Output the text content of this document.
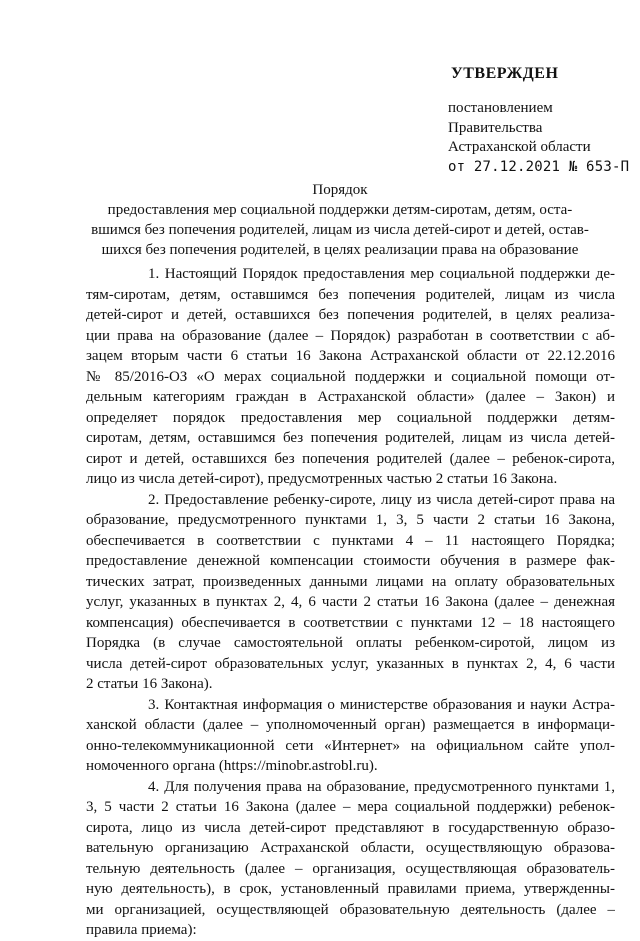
УТВЕРЖДЕН
постановлением
Правительства
Астраханской области
от 27.12.2021 № 653-П
Порядок
предоставления мер социальной поддержки детям-сиротам, детям, оста-
вшимся без попечения родителей, лицам из числа детей-сирот и детей, остав-
шихся без попечения родителей, в целях реализации права на образование
1. Настоящий Порядок предоставления мер социальной поддержки де-
тям-сиротам, детям, оставшимся без попечения родителей, лицам из числа
детей-сирот и детей, оставшихся без попечения родителей, в целях реализа-
ции права на образование (далее – Порядок) разработан в соответствии с аб-
зацем вторым части 6 статьи 16 Закона Астраханской области от 22.12.2016
№ 85/2016-ОЗ «О мерах социальной поддержки и социальной помощи от-
дельным категориям граждан в Астраханской области» (далее – Закон) и
определяет порядок предоставления мер социальной поддержки детям-
сиротам, детям, оставшимся без попечения родителей, лицам из числа детей-
сирот и детей, оставшихся без попечения родителей (далее – ребенок-сирота,
лицо из числа детей-сирот), предусмотренных частью 2 статьи 16 Закона.
2. Предоставление ребенку-сироте, лицу из числа детей-сирот права на
образование, предусмотренного пунктами 1, 3, 5 части 2 статьи 16 Закона,
обеспечивается в соответствии с пунктами 4 – 11 настоящего Порядка;
предоставление денежной компенсации стоимости обучения в размере фак-
тических затрат, произведенных данными лицами на оплату образовательных
услуг, указанных в пунктах 2, 4, 6 части 2 статьи 16 Закона (далее – денежная
компенсация) обеспечивается в соответствии с пунктами 12 – 18 настоящего
Порядка (в случае самостоятельной оплаты ребенком-сиротой, лицом из
числа детей-сирот образовательных услуг, указанных в пунктах 2, 4, 6 части
2 статьи 16 Закона).
3. Контактная информация о министерстве образования и науки Астра-
ханской области (далее – уполномоченный орган) размещается в информаци-
онно-телекоммуникационной сети «Интернет» на официальном сайте упол-
номоченного органа (https://minobr.astrobl.ru).
4. Для получения права на образование, предусмотренного пунктами 1,
3, 5 части 2 статьи 16 Закона (далее – мера социальной поддержки) ребенок-
сирота, лицо из числа детей-сирот представляют в государственную образо-
вательную организацию Астраханской области, осуществляющую образова-
тельную деятельность (далее – организация, осуществляющая образователь-
ную деятельность), в срок, установленный правилами приема, утвержденны-
ми организацией, осуществляющей образовательную деятельность (далее –
правила приема):
